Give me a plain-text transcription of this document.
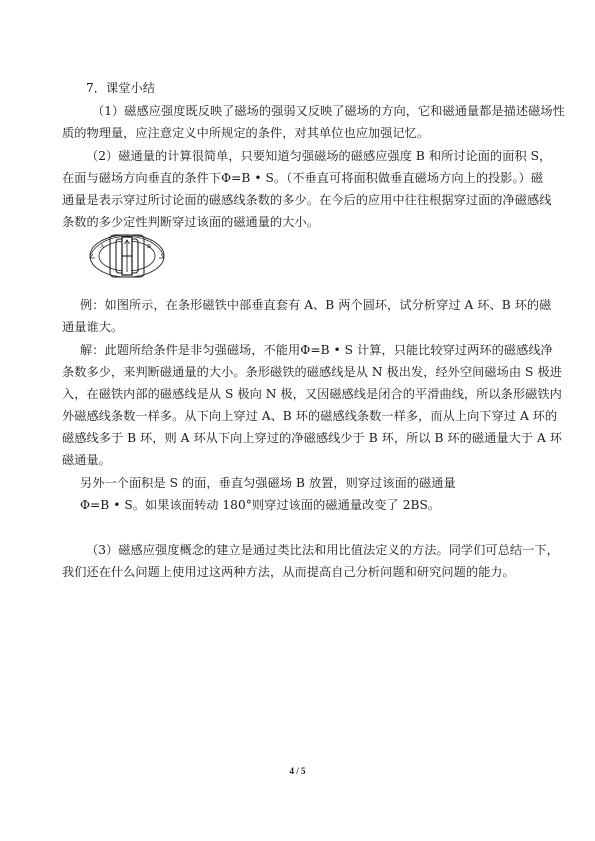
7．课堂小结
（1）磁感应强度既反映了磁场的强弱又反映了磁场的方向，它和磁通量都是描述磁场性
质的物理量，应注意定义中所规定的条件，对其单位也应加强记忆。
（2）磁通量的计算很简单，只要知道匀强磁场的磁感应强度 B 和所讨论面的面积 S，
在面与磁场方向垂直的条件下Φ=B • S。（不垂直可将面积做垂直磁场方向上的投影。）磁
通量是表示穿过所讨论面的磁感线条数的多少。在今后的应用中往往根据穿过面的净磁感线
条数的多少定性判断穿过该面的磁通量的大小。
A	B
例：如图所示，在条形磁铁中部垂直套有 A、B 两个圆环，试分析穿过 A 环、B 环的磁
通量谁大。
解：此题所给条件是非匀强磁场，不能用Φ=B • S 计算，只能比较穿过两环的磁感线净
条数多少，来判断磁通量的大小。条形磁铁的磁感线是从 N 极出发，经外空间磁场由 S 极进
入，在磁铁内部的磁感线是从 S 极向 N 极，又因磁感线是闭合的平滑曲线，所以条形磁铁内
外磁感线条数一样多。从下向上穿过 A、B 环的磁感线条数一样多，而从上向下穿过 A 环的
磁感线多于 B 环，则 A 环从下向上穿过的净磁感线少于 B 环，所以 B 环的磁通量大于 A 环
磁通量。
另外一个面积是 S 的面，垂直匀强磁场 B 放置，则穿过该面的磁通量
Φ=B • S。如果该面转动 180°则穿过该面的磁通量改变了 2BS。
（3）磁感应强度概念的建立是通过类比法和用比值法定义的方法。同学们可总结一下，
我们还在什么问题上使用过这两种方法，从而提高自己分析问题和研究问题的能力。
4 / 5
